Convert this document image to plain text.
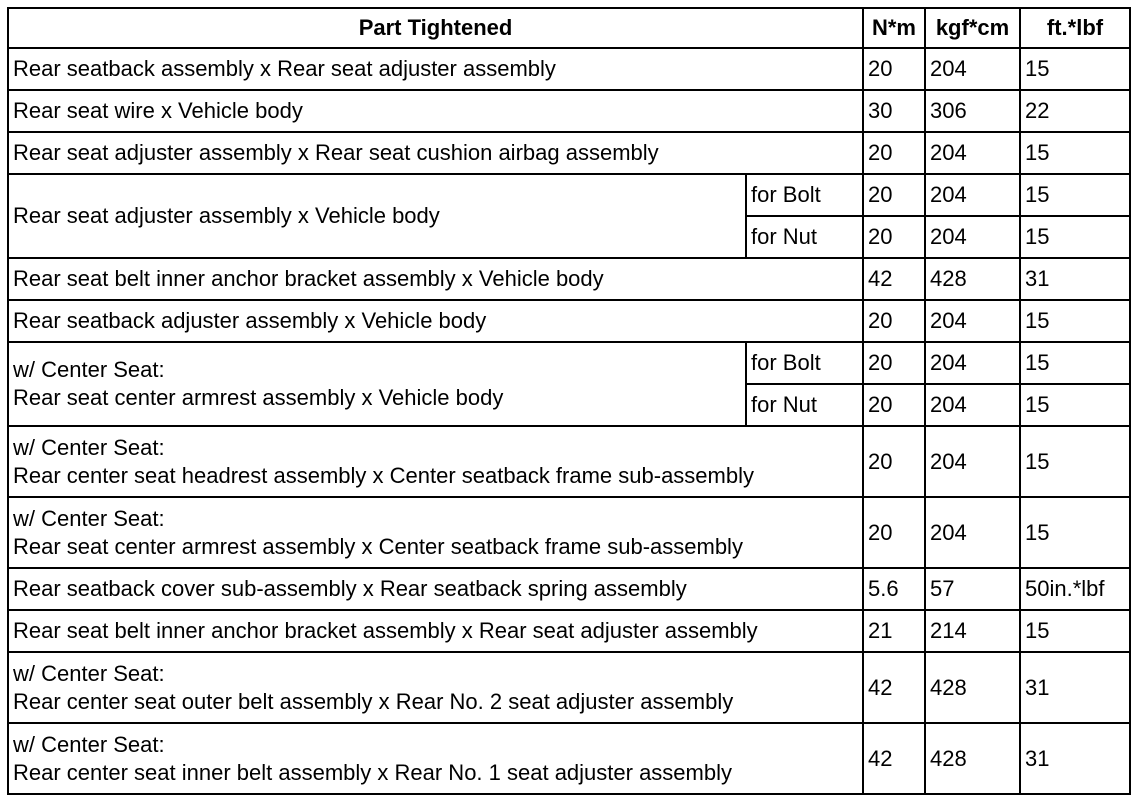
Part Tightened		N*m	kgf*cm	ft.*lbf
Rear seatback assembly x Rear seat adjuster assembly		20	204	15
Rear seat wire x Vehicle body		30	306	22
Rear seat adjuster assembly x Rear seat cushion airbag assembly		20	204	15
Rear seat adjuster assembly x Vehicle body	for Bolt	20	204	15
	for Nut	20	204	15
Rear seat belt inner anchor bracket assembly x Vehicle body		42	428	31
Rear seatback adjuster assembly x Vehicle body		20	204	15

w/ Center Seat:
Rear seat center armrest assembly x Vehicle body	for Bolt	20	204	15
	for Nut	20	204	15

w/ Center Seat:
Rear center seat headrest assembly x Center seatback frame sub-assembly		20	204	15

w/ Center Seat:
Rear seat center armrest assembly x Center seatback frame sub-assembly		20	204	15
Rear seatback cover sub-assembly x Rear seatback spring assembly		5.6	57	50in.*lbf
Rear seat belt inner anchor bracket assembly x Rear seat adjuster assembly		21	214	15

w/ Center Seat:
Rear center seat outer belt assembly x Rear No. 2 seat adjuster assembly		42	428	31

w/ Center Seat:
Rear center seat inner belt assembly x Rear No. 1 seat adjuster assembly		42	428	31
